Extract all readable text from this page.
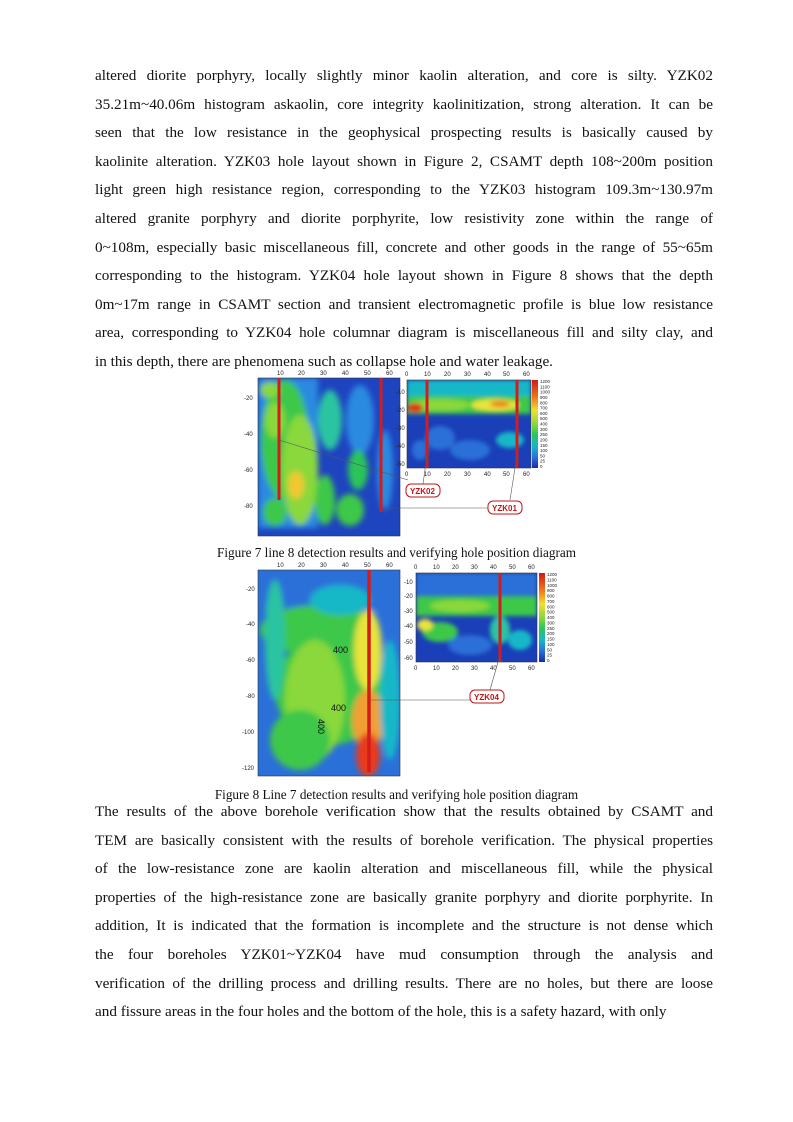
altered diorite porphyry, locally slightly minor kaolin alteration, and core is silty. YZK02
35.21m~40.06m histogram askaolin, core integrity kaolinitization, strong alteration. It can be
seen that the low resistance in the geophysical prospecting results is basically caused by
kaolinite alteration. YZK03 hole layout shown in Figure 2, CSAMT depth 108~200m position
light green high resistance region, corresponding to the YZK03 histogram 109.3m~130.97m
altered granite porphyry and diorite porphyrite, low resistivity zone within the range of
0~108m, especially basic miscellaneous fill, concrete and other goods in the range of 55~65m
corresponding to the histogram. YZK04 hole layout shown in Figure 8 shows that the depth
0m~17m range in CSAMT section and transient electromagnetic profile is blue low resistance
area, corresponding to YZK04 hole columnar diagram is miscellaneous fill and silty clay, and
in this depth, there are phenomena such as collapse hole and water leakage.
10 20	30	40	50	60
-20
-40
-60
-80
0	10 20 30 40 50 60
0	10 20 30 40 50 60
-10
-20
-30
-40
-50
1200
1100
1000
900
800
700
600
500
400
300
250
200
150
100
50
25
0
YZK02
YZK01
400
400
400
10 20	30	40	50	60
-20
-40
-60
-80
-100
-120
0	10 20 30 40 50 60
0	10 20 30 40 50 60
-10
-20
-30
-40
-50
-60
1200
1100
1000
900
800
700
600
500
400
300
250
200
150
100
50
25
0
YZK04

Figure 7 line 8 detection results and verifying hole position diagram

Figure 8 Line 7 detection results and verifying hole position diagram

The results of the above borehole verification show that the results obtained by CSAMT and
TEM are basically consistent with the results of borehole verification. The physical properties
of the low-resistance zone are kaolin alteration and miscellaneous fill, while the physical
properties of the high-resistance zone are basically granite porphyry and diorite porphyrite. In
addition, It is indicated that the formation is incomplete and the structure is not dense which
the four boreholes YZK01~YZK04 have mud consumption through the analysis and
verification of the drilling process and drilling results. There are no holes, but there are loose
and fissure areas in the four holes and the bottom of the hole, this is a safety hazard, with only
